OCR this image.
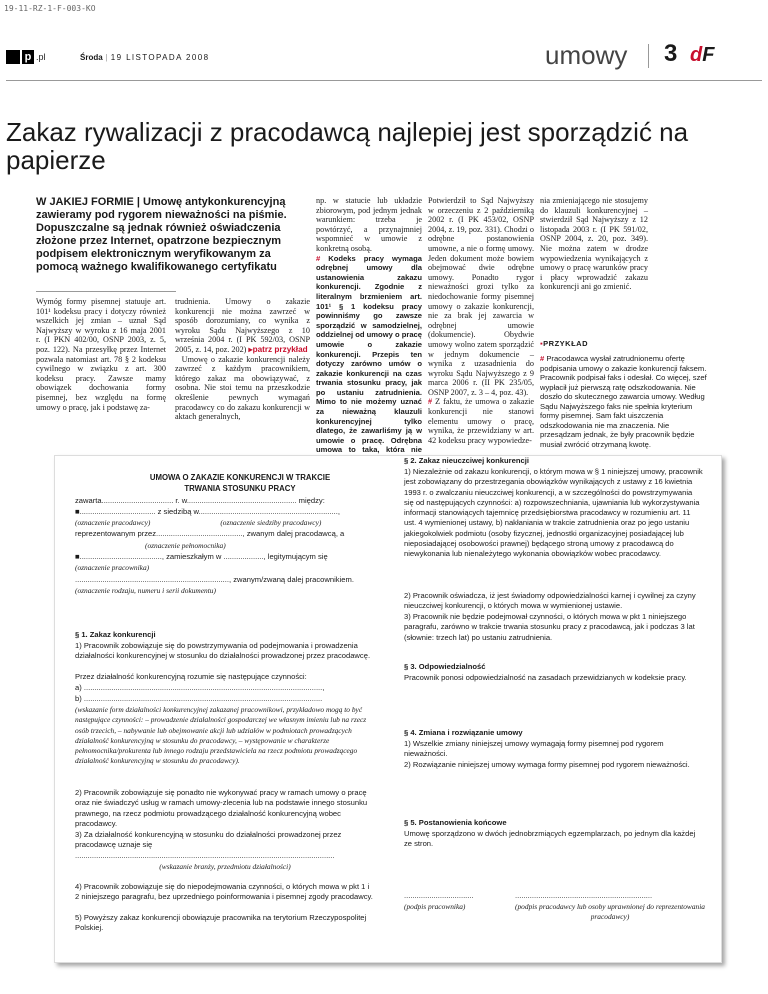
19-11-RZ-1-F-003-KO
p .pl	Środa | 19 LISTOPADA 2008	umowy 3 dF
Zakaz rywalizacji z pracodawcą najlepiej jest sporządzić na papierze
W JAKIEJ FORMIE | Umowę antykonkurencyjną zawieramy pod rygorem nieważności na piśmie. Dopuszczalne są jednak również oświadczenia złożone przez Internet, opatrzone bezpiecznym podpisem elektronicznym weryfikowanym za pomocą ważnego kwalifikowanego certyfikatu
Wymóg formy pisemnej statuuje art. 101¹ kodeksu pracy i dotyczy również wszelkich jej zmian – uznał Sąd Najwyższy w wyroku z 16 maja 2001 r. (I PKN 402/00, OSNP 2003, z. 5, poz. 122). Na przesyłkę przez Internet pozwala natomiast art. 78 § 2 kodeksu cywilnego w związku z art. 300 kodeksu pracy. Zawsze mamy obowiązek dochowania formy pisemnej, bez względu na formę umowy o pracę, jak i podstawę za-
trudnienia. Umowy o zakazie konkurencji nie można zawrzeć w sposób dorozumiany, co wynika z wyroku Sądu Najwyższego z 10 września 2004 r. (I PK 592/03, OSNP 2005, z. 14, poz. 202) ▸patrz przykład
Umowę o zakazie konkurencji należy zawrzeć z każdym pracownikiem, którego zakaz ma obowiązywać, z osobna. Nie stoi temu na przeszkodzie określenie pewnych wymagań pracodawcy co do zakazu konkurencji w aktach generalnych,
np. w statucie lub układzie zbiorowym, pod jednym jednak warunkiem: trzeba je powtórzyć, a przynajmniej wspomnieć w umowie z konkretną osobą.
# Kodeks pracy wymaga odrębnej umowy dla ustanowienia zakazu konkurencji. Zgodnie z literalnym brzmieniem art. 101¹ § 1 kodeksu pracy powinniśmy go zawsze sporządzić w samodzielnej, oddzielnej od umowy o pracę umowie o zakazie konkurencji. Przepis ten dotyczy zarówno umów o zakazie konkurencji na czas trwania stosunku pracy, jak po ustaniu zatrudnienia. Mimo to nie możemy uznać za nieważną klauzuli konkurencyjnej tylko dlatego, że zawarliśmy ją w umowie o pracę. Odrębna umowa to taka, która nie
Potwierdził to Sąd Najwyższy w orzeczeniu z 2 październiką 2002 r. (I PK 453/02, OSNP 2004, z. 19, poz. 331). Chodzi o odrębne postanowienia umowne, a nie o formę umowy. Jeden dokument może bowiem obejmować dwie odrębne umowy. Ponadto rygor nieważności grozi tylko za niedochowanie formy pisemnej umowy o zakazie konkurencji, nie za brak jej zawarcia w odrębnej umowie (dokumencie). Obydwie umowy wolno zatem sporządzić w jednym dokumencie – wynika z uzasadnienia do wyroku Sądu Najwyższego z 9 marca 2006 r. (II PK 235/05, OSNP 2007, z. 3 – 4, poz. 43).
# Z faktu, że umowa o zakazie konkurencji nie stanowi elementu umowy o pracę, wynika, że przewidziany w art. 42 kodeksu pracy wypowiedze-
nia zmieniającego nie stosujemy do klauzuli konkurencyjnej – stwierdził Sąd Najwyższy z 12 listopada 2003 r. (I PK 591/02, OSNP 2004, z. 20, poz. 349). Nie można zatem w drodze wypowiedzenia wynikających z umowy o pracę warunków pracy i płacy wprowadzić zakazu konkurencji ani go zmienić.
▪PRZYKŁAD
# Pracodawca wysłał zatrudnionemu ofertę podpisania umowy o zakazie konkurencji faksem. Pracownik podpisał faks i odesłał. Co więcej, szef wypłacił już pierwszą ratę odszkodowania. Nie doszło do skutecznego zawarcia umowy. Według Sądu Najwyższego faks nie spełnia kryterium formy pisemnej. Sam fakt uiszczenia odszkodowania nie ma znaczenia. Nie przesądzam jednak, że były pracownik będzie musiał zwrócić otrzymaną kwotę.
UMOWA O ZAKAZIE KONKURENCJI W TRAKCIE TRWANIA STOSUNKU PRACY
zawarta.................................. r. w.................................................... między:
■.................................... z siedzibą w..................................................................,
(oznaczenie pracodawcy)	(oznaczenie siedziby pracodawcy)
reprezentowanym przez........................................., zwanym dalej pracodawcą, a
(oznaczenie pełnomocnika)
■......................................., zamieszkałym w ..................., legitymującym się
(oznaczenie pracownika)
........................................................................., zwanym/zwaną dalej pracownikiem.
(oznaczenie rodzaju, numeru i serii dokumentu)
§ 1. Zakaz konkurencji
1) Pracownik zobowiązuje się do powstrzymywania od podejmowania i prowadzenia działalności konkurencyjnej w stosunku do działalności prowadzonej przez pracodawcę.
Przez działalność konkurencyjną rozumie się następujące czynności:
a) .................................................................................................................,
b) .................................................................................................................
(wskazanie form działalności konkurencyjnej zakazanej pracownikowi, przykładowo mogą to być następujące czynności: – prowadzenie działalności gospodarczej we własnym imieniu lub na rzecz osób trzecich, – nabywanie lub obejmowanie akcji lub udziałów w podmiotach prowadzących działalność konkurencyjną w stosunku do pracodawcy, – występowanie w charakterze pełnomocnika/prokurenta lub innego rodzaju przedstawiciela na rzecz podmiotu prowadzącego działalność konkurencyjną w stosunku do pracodawcy).
2) Pracownik zobowiązuje się ponadto nie wykonywać pracy w ramach umowy o pracę oraz nie świadczyć usług w ramach umowy-zlecenia lub na podstawie innego stosunku prawnego, na rzecz podmiotu prowadzącego działalność konkurencyjną wobec pracodawcy.
3) Za działalność konkurencyjną w stosunku do działalności prowadzonej przez pracodawcę uznaje się
...........................................................................................................................
(wskazanie branży, przedmiotu działalności)
4) Pracownik zobowiązuje się do niepodejmowania czynności, o których mowa w pkt 1 i 2 niniejszego paragrafu, bez uprzedniego poinformowania i pisemnej zgody pracodawcy.
5) Powyższy zakaz konkurencji obowiązuje pracownika na terytorium Rzeczypospolitej Polskiej.
§ 2. Zakaz nieuczciwej konkurencji
1) Niezależnie od zakazu konkurencji, o którym mowa w § 1 niniejszej umowy, pracownik jest zobowiązany do przestrzegania obowiązków wynikających z ustawy z 16 kwietnia 1993 r. o zwalczaniu nieuczciwej konkurencji, a w szczególności do powstrzymywania się od następujących czynności: a) rozpowszechniania, ujawniania lub wykorzystywania informacji stanowiących tajemnicę przedsiębiorstwa pracodawcy w rozumieniu art. 11 ust. 4 wymienionej ustawy, b) nakłaniania w trakcie zatrudnienia oraz po jego ustaniu jakiegokolwiek podmiotu (osoby fizycznej, jednostki organizacyjnej posiadającej lub nieposiadającej osobowości prawnej) będącego stroną umowy z pracodawcą do niewykonania lub nienależytego wykonania obowiązków wobec pracodawcy.
2) Pracownik oświadcza, iż jest świadomy odpowiedzialności karnej i cywilnej za czyny nieuczciwej konkurencji, o których mowa w wymienionej ustawie.
3) Pracownik nie będzie podejmował czynności, o których mowa w pkt 1 niniejszego paragrafu, zarówno w trakcie trwania stosunku pracy z pracodawcą, jak i podczas 3 lat (słownie: trzech lat) po ustaniu zatrudnienia.
§ 3. Odpowiedzialność
Pracownik ponosi odpowiedzialność na zasadach przewidzianych w kodeksie pracy.
§ 4. Zmiana i rozwiązanie umowy
1) Wszelkie zmiany niniejszej umowy wymagają formy pisemnej pod rygorem nieważności.
2) Rozwiązanie niniejszej umowy wymaga formy pisemnej pod rygorem nieważności.
§ 5. Postanowienia końcowe
Umowę sporządzono w dwóch jednobrzmiących egzemplarzach, po jednym dla każdej ze stron.
.................................
(podpis pracownika)
.................................................................
(podpis pracodawcy lub osoby uprawnionej do reprezentowania pracodawcy)
